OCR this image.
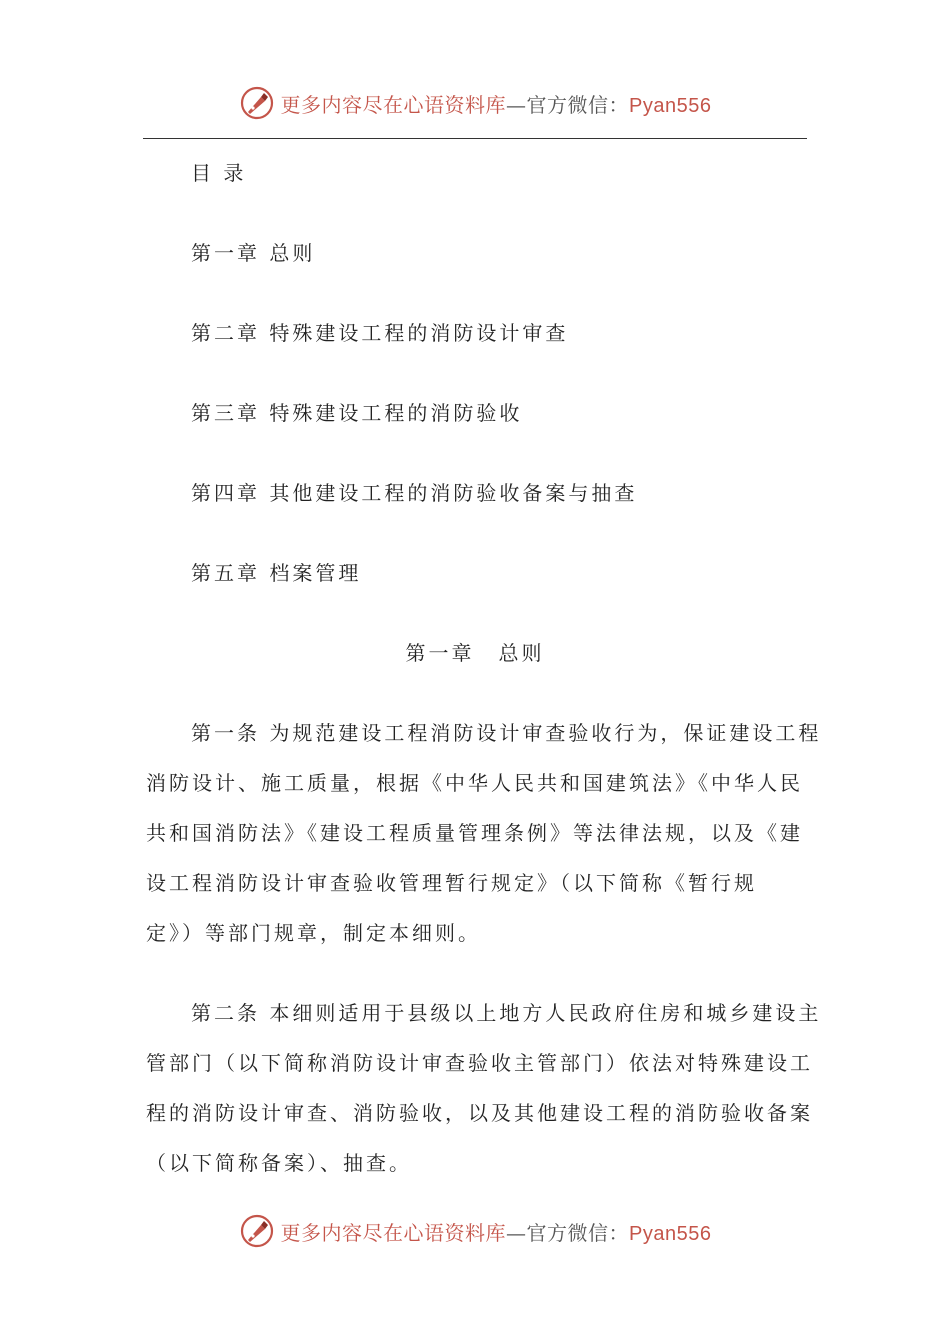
更多内容尽在心语资料库—官方微信：Pyan556
目 录
第一章 总则
第二章 特殊建设工程的消防设计审查
第三章 特殊建设工程的消防验收
第四章 其他建设工程的消防验收备案与抽查
第五章 档案管理
第一章 总则
第一条 为规范建设工程消防设计审查验收行为，保证建设工程
消防设计、施工质量，根据《中华人民共和国建筑法》《中华人民
共和国消防法》《建设工程质量管理条例》等法律法规，以及《建
设工程消防设计审查验收管理暂行规定》（以下简称《暂行规
定》）等部门规章，制定本细则。
第二条 本细则适用于县级以上地方人民政府住房和城乡建设主
管部门（以下简称消防设计审查验收主管部门）依法对特殊建设工
程的消防设计审查、消防验收，以及其他建设工程的消防验收备案
（以下简称备案）、抽查。
更多内容尽在心语资料库—官方微信：Pyan556
